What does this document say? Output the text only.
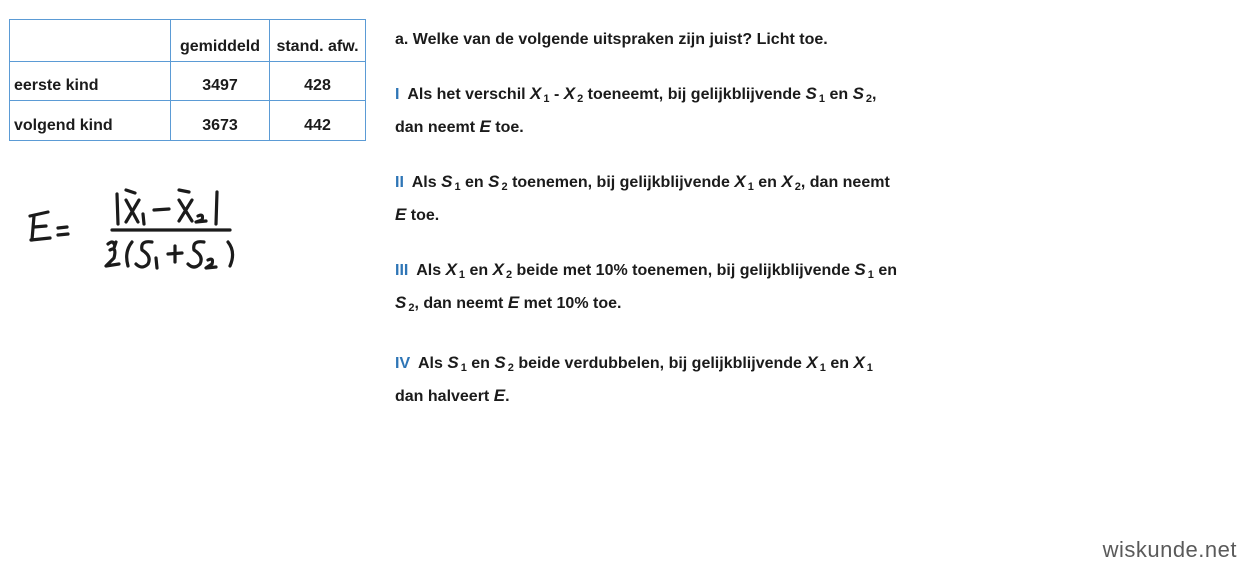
	gemiddeld	stand. afw.
eerste kind	3497	428
volgend kind	3673	442

a. Welke van de volgende uitspraken zijn juist? Licht toe.

I Als het verschil X $_1$ - X $_2$ toeneemt, bij gelijkblijvende S $_1$ en S $_2$,
dan neemt E toe.

II Als S $_1$ en S $_2$ toenemen, bij gelijkblijvende X $_1$ en X $_2$, dan neemt
E toe.

III Als X $_1$ en X $_2$ beide met 10% toenemen, bij gelijkblijvende S $_1$ en
S $_2$, dan neemt E met 10% toe.

IV Als S $_1$ en S $_2$ beide verdubbelen, bij gelijkblijvende X $_1$ en X $_1$
dan halveert E.

wiskunde.net
